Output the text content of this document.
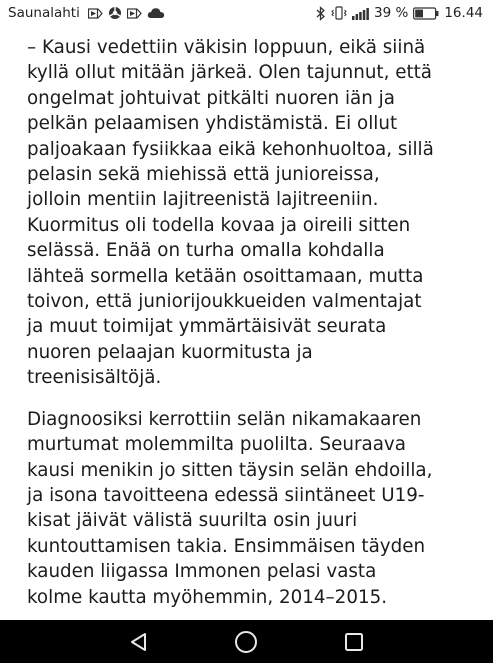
Saunalahti	39 %	16.44

– Kausi vedettiin väkisin loppuun, eikä siinä
kyllä ollut mitään järkeä. Olen tajunnut, että
ongelmat johtuivat pitkälti nuoren iän ja
pelkän pelaamisen yhdistämistä. Ei ollut
paljoakaan fysiikkaa eikä kehonhuoltoa, sillä
pelasin sekä miehissä että junioreissa,
jolloin mentiin lajitreenistä lajitreeniin.
Kuormitus oli todella kovaa ja oireili sitten
selässä. Enää on turha omalla kohdalla
lähteä sormella ketään osoittamaan, mutta
toivon, että juniorijoukkueiden valmentajat
ja muut toimijat ymmärtäisivät seurata
nuoren pelaajan kuormitusta ja
treenisisältöjä.

Diagnoosiksi kerrottiin selän nikamakaaren
murtumat molemmilta puolilta. Seuraava
kausi menikin jo sitten täysin selän ehdoilla,
ja isona tavoitteena edessä siintäneet U19-
kisat jäivät välistä suurilta osin juuri
kuntouttamisen takia. Ensimmäisen täyden
kauden liigassa Immonen pelasi vasta
kolme kautta myöhemmin, 2014–2015.
